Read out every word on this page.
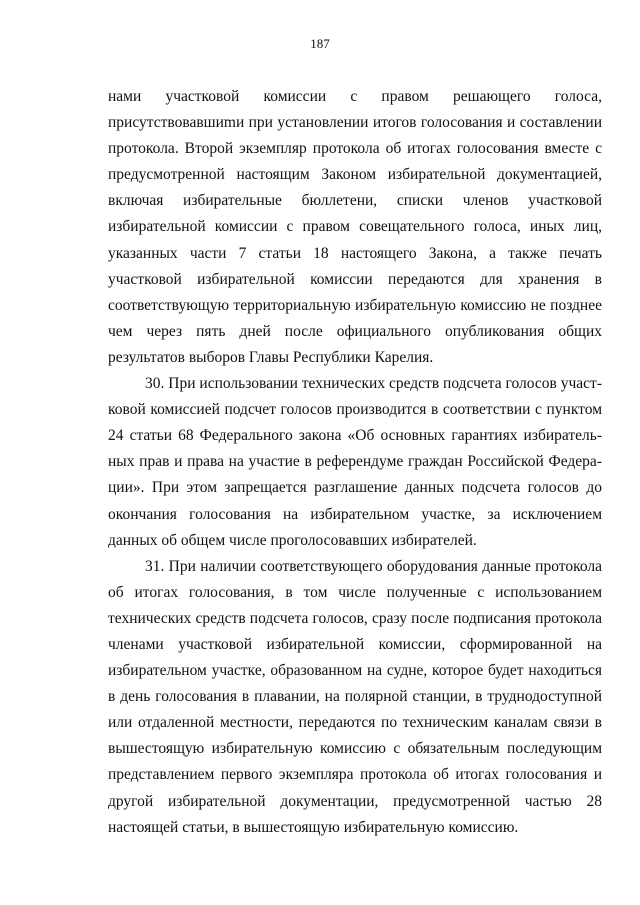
187

нами участковой комиссии с правом решающего голоса, присутствовавшиmи при установлении итогов голосования и составлении протокола. Второй экземпляр протокола об итогах голосования вместе с предусмотренной настоящим Законом избирательной документацией, включая избирательные бюллетени, списки членов участковой избирательной комиссии с правом совещательного голоса, иных лиц, указанных части 7 статьи 18 настоящего Закона, а также печать участковой избирательной комиссии передаются для хранения в соответствующую территориальную избирательную комиссию не позднее чем через пять дней после официального опубликования общих результатов выборов Главы Республики Карелия.

30. При использовании технических средств подсчета голосов участковой комиссией подсчет голосов производится в соответствии с пунктом 24 статьи 68 Федерального закона «Об основных гарантиях избирательных прав и права на участие в референдуме граждан Российской Федерации». При этом запрещается разглашение данных подсчета голосов до окончания голосования на избирательном участке, за исключением данных об общем числе проголосовавших избирателей.

31. При наличии соответствующего оборудования данные протокола об итогах голосования, в том числе полученные с использованием технических средств подсчета голосов, сразу после подписания протокола членами участковой избирательной комиссии, сформированной на избирательном участке, образованном на судне, которое будет находиться в день голосования в плавании, на полярной станции, в труднодоступной или отдаленной местности, передаются по техническим каналам связи в вышестоящую избирательную комиссию с обязательным последующим представлением первого экземпляра протокола об итогах голосования и другой избирательной документации, предусмотренной частью 28 настоящей статьи, в вышестоящую избирательную комиссию.
